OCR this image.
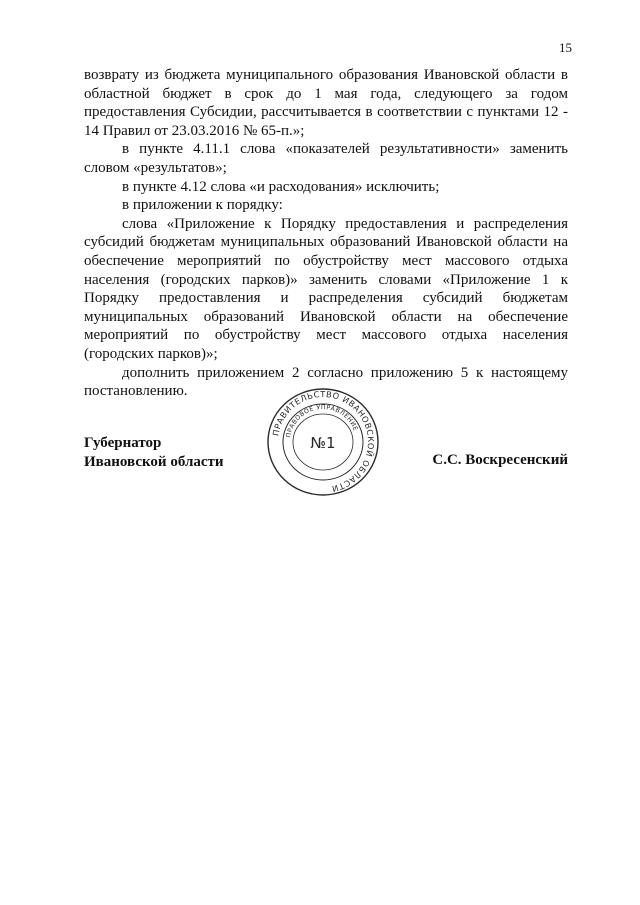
15

возврату из бюджета муниципального образования Ивановской области в областной бюджет в срок до 1 мая года, следующего за годом предоставления Субсидии, рассчитывается в соответствии с пунктами 12 - 14 Правил от 23.03.2016 № 65-п.»;

в пункте 4.11.1 слова «показателей результативности» заменить словом «результатов»;

в пункте 4.12 слова «и расходования» исключить;

в приложении к порядку:

слова «Приложение к Порядку предоставления и распределения субсидий бюджетам муниципальных образований Ивановской области на обеспечение мероприятий по обустройству мест массового отдыха населения (городских парков)» заменить словами «Приложение 1 к Порядку предоставления и распределения субсидий бюджетам муниципальных образований Ивановской области на обеспечение мероприятий по обустройству мест массового отдыха населения (городских парков)»;

дополнить приложением 2 согласно приложению 5 к настоящему постановлению.

Губернатор
Ивановской области	С.С. Воскресенский
ПРАВИТЕЛЬСТВО ИВАНОВСКОЙ ОБЛАСТИ
ПРАВОВОЕ УПРАВЛЕНИЕ
№1
